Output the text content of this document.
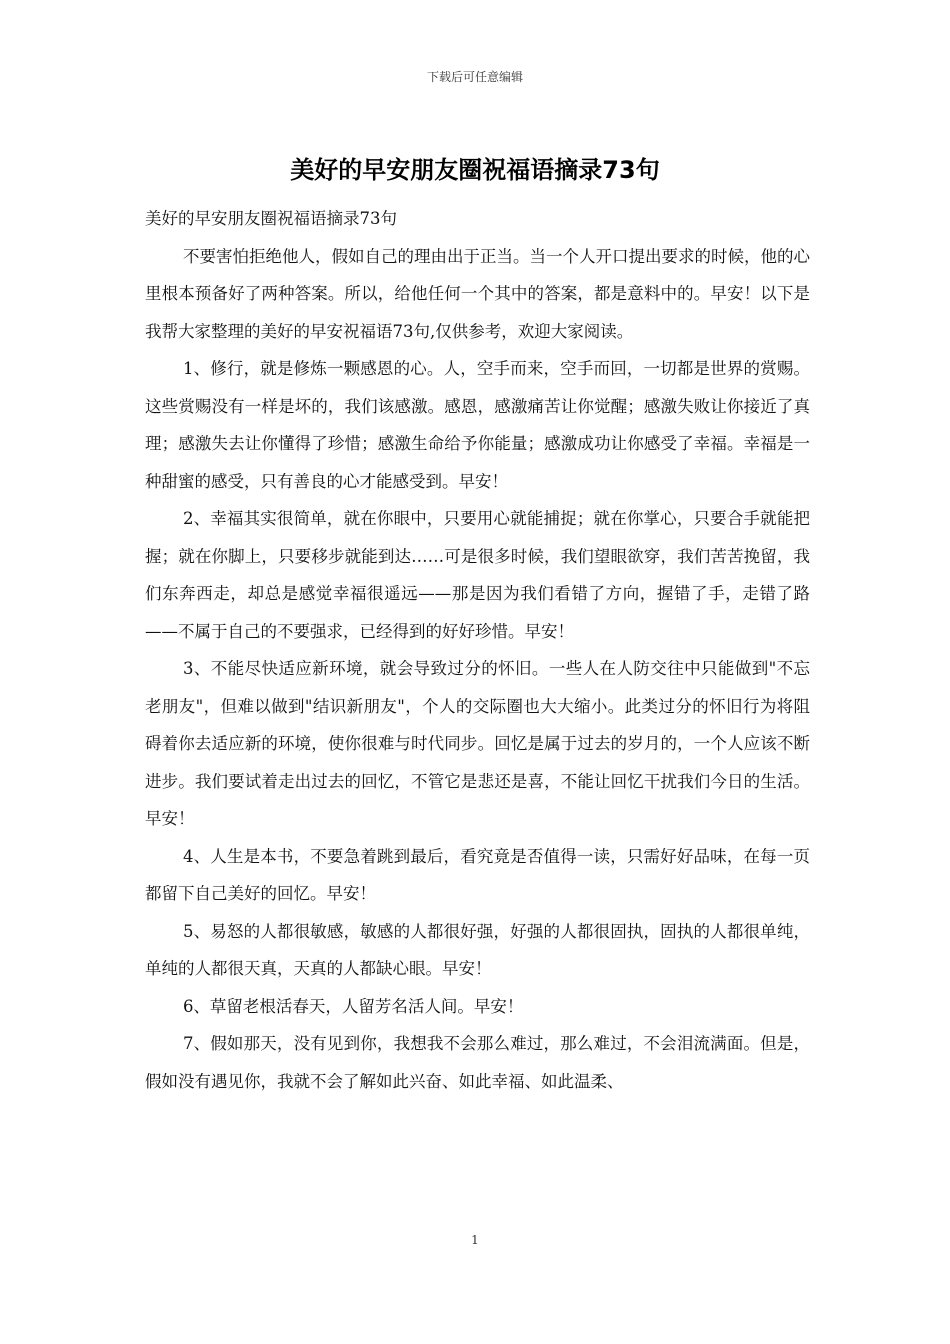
下载后可任意编辑
美好的早安朋友圈祝福语摘录73句

美好的早安朋友圈祝福语摘录73句

不要害怕拒绝他人，假如自己的理由出于正当。当一个人开口提出要求的时候，他的心里根本预备好了两种答案。所以，给他任何一个其中的答案，都是意料中的。早安！以下是我帮大家整理的美好的早安祝福语73句,仅供参考，欢迎大家阅读。

1、修行，就是修炼一颗感恩的心。人，空手而来，空手而回，一切都是世界的赏赐。这些赏赐没有一样是坏的，我们该感激。感恩，感激痛苦让你觉醒；感激失败让你接近了真理；感激失去让你懂得了珍惜；感激生命给予你能量；感激成功让你感受了幸福。幸福是一种甜蜜的感受，只有善良的心才能感受到。早安！

2、幸福其实很简单，就在你眼中，只要用心就能捕捉；就在你掌心，只要合手就能把握；就在你脚上，只要移步就能到达……可是很多时候，我们望眼欲穿，我们苦苦挽留，我们东奔西走，却总是感觉幸福很遥远——那是因为我们看错了方向，握错了手，走错了路——不属于自己的不要强求，已经得到的好好珍惜。早安！

3、不能尽快适应新环境，就会导致过分的怀旧。一些人在人防交往中只能做到"不忘老朋友"，但难以做到"结识新朋友"，个人的交际圈也大大缩小。此类过分的怀旧行为将阻碍着你去适应新的环境，使你很难与时代同步。回忆是属于过去的岁月的，一个人应该不断进步。我们要试着走出过去的回忆，不管它是悲还是喜，不能让回忆干扰我们今日的生活。早安！

4、人生是本书，不要急着跳到最后，看究竟是否值得一读，只需好好品味，在每一页都留下自己美好的回忆。早安！

5、易怒的人都很敏感，敏感的人都很好强，好强的人都很固执，固执的人都很单纯，单纯的人都很天真，天真的人都缺心眼。早安！

6、草留老根活春天，人留芳名活人间。早安！

7、假如那天，没有见到你，我想我不会那么难过，那么难过，不会泪流满面。但是，假如没有遇见你，我就不会了解如此兴奋、如此幸福、如此温柔、

1
